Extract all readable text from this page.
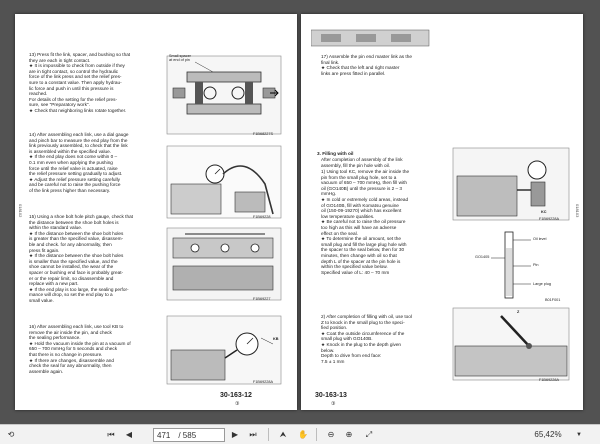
018102
13) Press fit the link, spacer, and bushing so that
they are each in tight contact.
★ It is impossible to check from outside if they
are in tight contact, so control the hydraulic
force of the link press and set the relief pres-
sure to a constant value. Then apply hydrau-
lic force and push in until this pressure is
reached.
For details of the setting for the relief pres-
sure, see "Preparatory work".
★ Check that neighboring links rotate together.
14) After assembling each link, use a dial gauge
and pinch bar to measure the end play from the
link previously assembled, to check that the link
is assembled within the specified value.
★ If the end play does not come within 0 –
0.1 mm even when applying the pushing
force until the relief valve is actuated, raise
the relief pressure setting gradually to adjust.
★ Adjust the relief pressure setting carefully
and be careful not to raise the pushing force
of the link press higher than necessary.
15) Using a shoe bolt hole pitch gauge, check that
the distance between the shoe bolt holes is
within the standard value.
★ If the distance between the shoe bolt holes
is greater than the specified value, disassem-
ble and check. for any abnormality, then
press fit again.
★ If the distance between the shoe bolt holes
is smaller than the specified value, and the
shoe cannot be installed, the wear of the
spacer or bushing end face is probably great-
er or the repair limit, so disassemble and
replace with a new part.
★ If the end play is too large, the sealing perfor-
mance will drop, so set the end play to a
small value.
16) After assembling each link, use tool KB to
remove the air inside the pin, and check
the sealing performance.
★ Hold the vacuum inside the pin at a vacuum of
650 – 700 mmHg for 5 seconds and check
that there is no change in pressure.
★ If there are changes, disassemble and
check the seal for any abnormality, then
assemble again.
Small spacer
at end of pin
F1B68227S
F1B69228
F1B69227
KB
F1B69228A
30-163-12
③
018103
17) Assemble the pin end master link as the
final link.
★ Check that the left and right master
links are press fitted in parallel.
3. Filling with oil
After completion of assembly of the link
assembly, fill the pin hole with oil.
1) Using tool KC, remove the air inside the
pin from the small plug hole, set to a
vacuum of 650 – 700 mmHg, then fill with
oil (GO140B) until the pressure is 2 – 3
mmHg.
★ In cold or extremely cold areas, instead
of GO140B, fill with Komatsu genuine
oil (150-09-19270) which has excellent
low temperature qualities.
★ Be careful not to raise the oil pressure
too high as this will have an adverse
effect on the seal.
★ To determine the oil amount, set the
small plug and fill the large plug hole with
the spacer to the seal below, then for 30
minutes, then change with oil so that
depth L of the spacer at the pin hole is
within the specified value below.
Specified value of L: 40 – 70 mm
2) After completion of filling with oil, use tool
Z to knock in the small plug to the speci-
fied position.
★ Coat the outside circumference of the
small plug with GO140B.
★ Knock in the plug to the depth given
below.
Depth to drive from end face:
7.5 ± 1 mm
KC
F1B69228A
Oil level
GO1405
Pin
Large plug
B01F001
Z
F1B69228A
30-163-13
③
⟲	⏮	◀	471 / 585	▶	⏭	⮝	✋	⊖	⊕	⤢	65,42%	▼
